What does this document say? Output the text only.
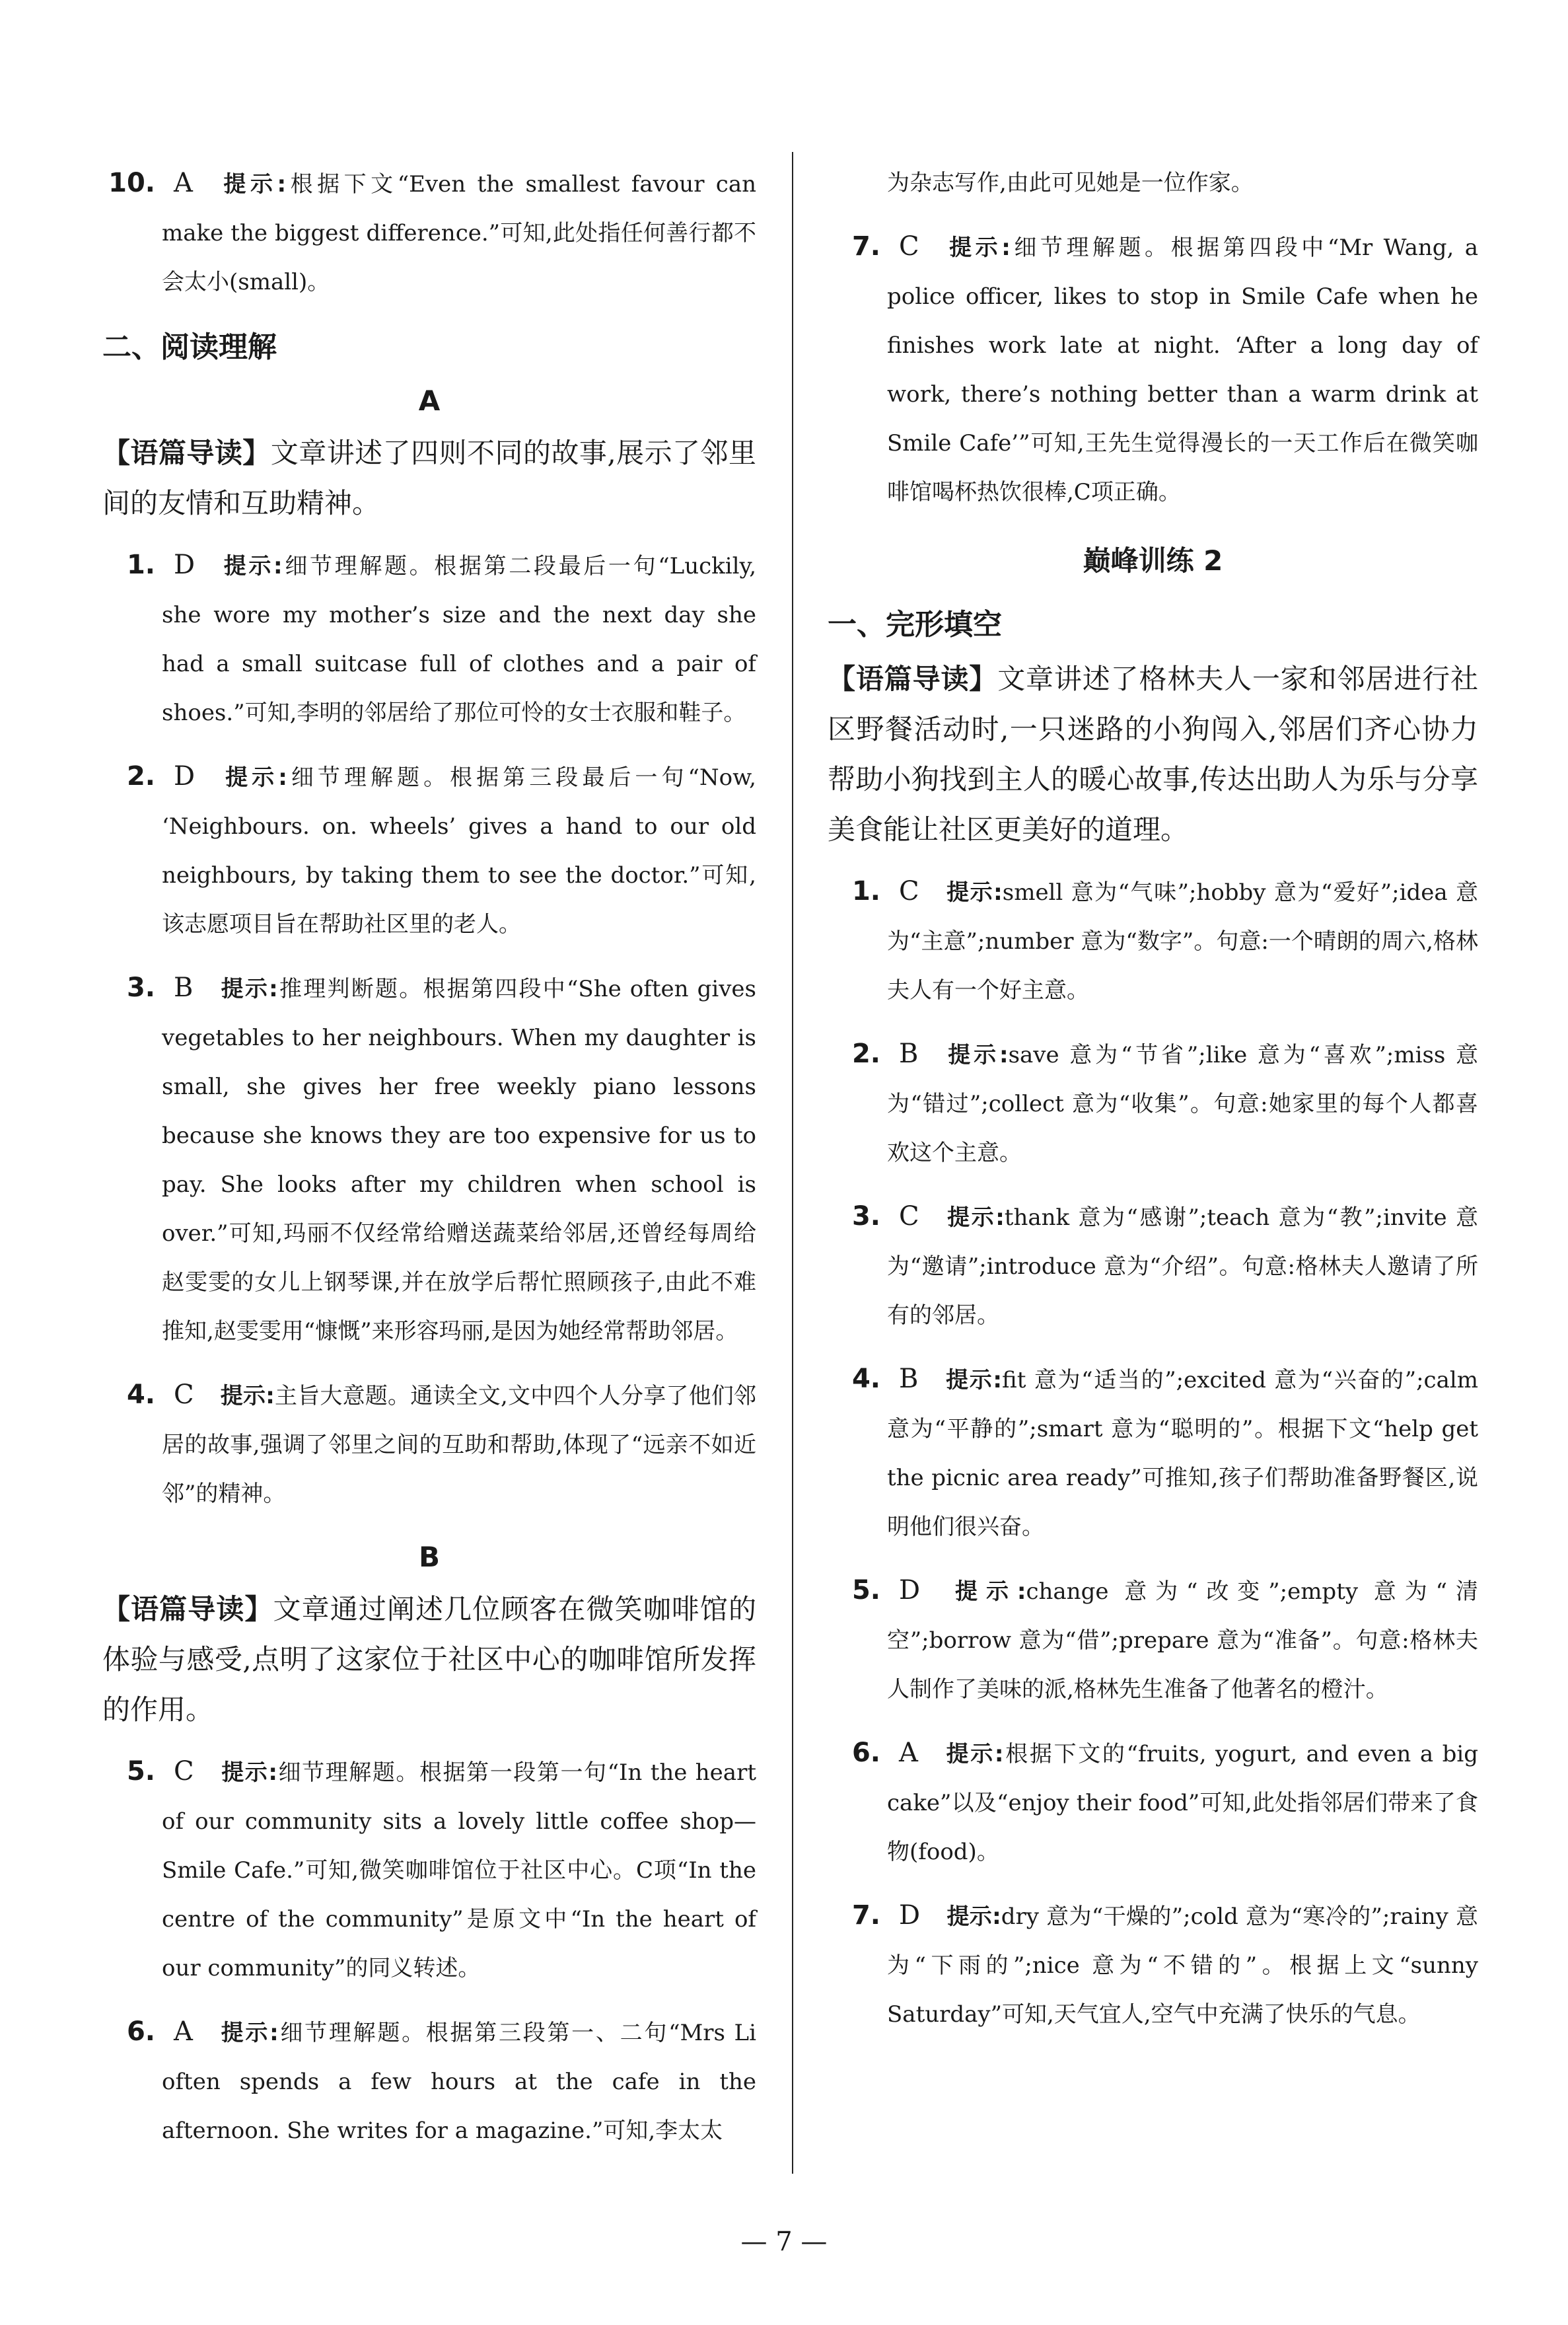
10. A 提示:根据下文“Even the smallest favour can make the biggest difference.”可知,此处指任何善行都不会太小(small)。
二、阅读理解
A
【语篇导读】文章讲述了四则不同的故事,展示了邻里间的友情和互助精神。
1. D 提示:细节理解题。根据第二段最后一句“Luckily, she wore my mother’s size and the next day she had a small suitcase full of clothes and a pair of shoes.”可知,李明的邻居给了那位可怜的女士衣服和鞋子。
2. D 提示:细节理解题。根据第三段最后一句“Now, ‘Neighbours. on. wheels’ gives a hand to our old neighbours, by taking them to see the doctor.”可知,该志愿项目旨在帮助社区里的老人。
3. B 提示:推理判断题。根据第四段中“She often gives vegetables to her neighbours. When my daughter is small, she gives her free weekly piano lessons because she knows they are too expensive for us to pay. She looks after my children when school is over.”可知,玛丽不仅经常给赠送蔬菜给邻居,还曾经每周给赵雯雯的女儿上钢琴课,并在放学后帮忙照顾孩子,由此不难推知,赵雯雯用“慷慨”来形容玛丽,是因为她经常帮助邻居。
4. C 提示:主旨大意题。通读全文,文中四个人分享了他们邻居的故事,强调了邻里之间的互助和帮助,体现了“远亲不如近邻”的精神。
B
【语篇导读】文章通过阐述几位顾客在微笑咖啡馆的体验与感受,点明了这家位于社区中心的咖啡馆所发挥的作用。
5. C 提示:细节理解题。根据第一段第一句“In the heart of our community sits a lovely little coffee shop—Smile Cafe.”可知,微笑咖啡馆位于社区中心。C项“In the centre of the community”是原文中“In the heart of our community”的同义转述。
6. A 提示:细节理解题。根据第三段第一、二句“Mrs Li often spends a few hours at the cafe in the afternoon. She writes for a magazine.”可知,李太太
为杂志写作,由此可见她是一位作家。
7. C 提示:细节理解题。根据第四段中“Mr Wang, a police officer, likes to stop in Smile Cafe when he finishes work late at night. ‘After a long day of work, there’s nothing better than a warm drink at Smile Cafe’”可知,王先生觉得漫长的一天工作后在微笑咖啡馆喝杯热饮很棒,C项正确。
巅峰训练 2
一、完形填空
【语篇导读】文章讲述了格林夫人一家和邻居进行社区野餐活动时,一只迷路的小狗闯入,邻居们齐心协力帮助小狗找到主人的暖心故事,传达出助人为乐与分享美食能让社区更美好的道理。
1. C 提示:smell 意为“气味”;hobby 意为“爱好”;idea 意为“主意”;number 意为“数字”。句意:一个晴朗的周六,格林夫人有一个好主意。
2. B 提示:save 意为“节省”;like 意为“喜欢”;miss 意为“错过”;collect 意为“收集”。句意:她家里的每个人都喜欢这个主意。
3. C 提示:thank 意为“感谢”;teach 意为“教”;invite 意为“邀请”;introduce 意为“介绍”。句意:格林夫人邀请了所有的邻居。
4. B 提示:fit 意为“适当的”;excited 意为“兴奋的”;calm 意为“平静的”;smart 意为“聪明的”。根据下文“help get the picnic area ready”可推知,孩子们帮助准备野餐区,说明他们很兴奋。
5. D 提示:change 意为“改变”;empty 意为“清空”;borrow 意为“借”;prepare 意为“准备”。句意:格林夫人制作了美味的派,格林先生准备了他著名的橙汁。
6. A 提示:根据下文的“fruits, yogurt, and even a big cake”以及“enjoy their food”可知,此处指邻居们带来了食物(food)。
7. D 提示:dry 意为“干燥的”;cold 意为“寒冷的”;rainy 意为“下雨的”;nice 意为“不错的”。根据上文“sunny Saturday”可知,天气宜人,空气中充满了快乐的气息。
— 7 —
